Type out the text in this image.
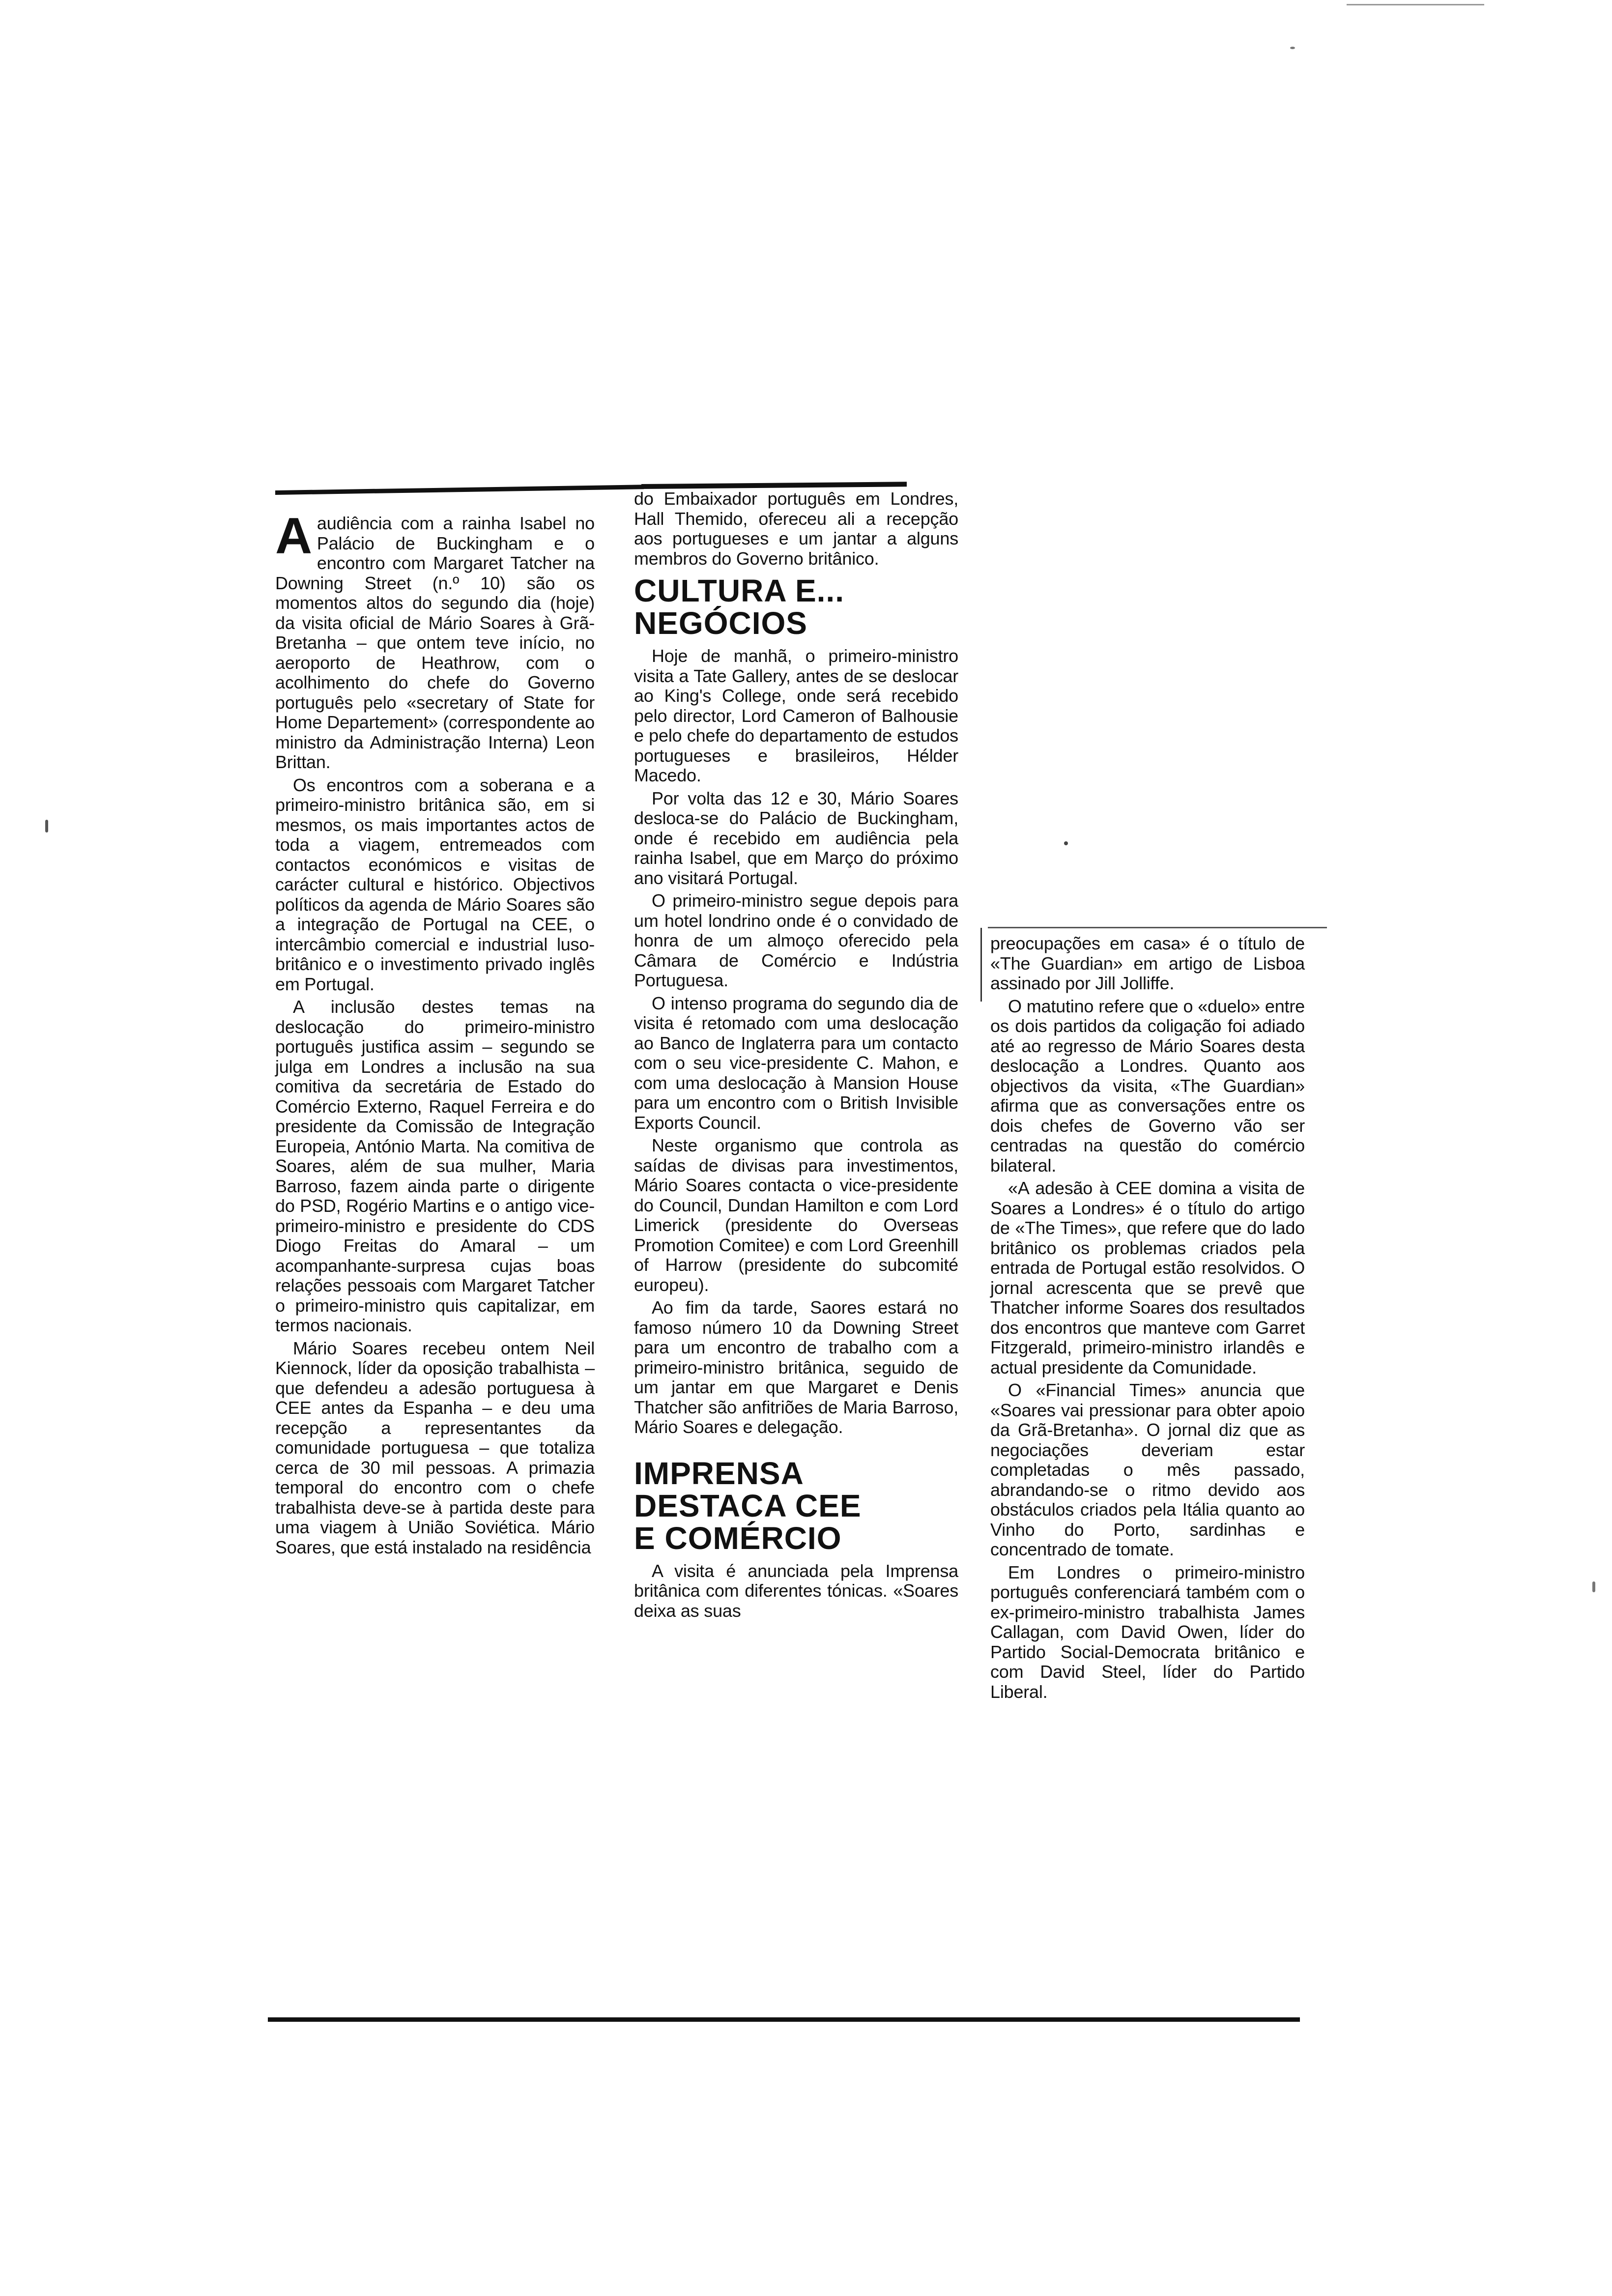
Aaudiência com a rainha Isabel no Palácio de Buckingham e o encontro com Margaret Tatcher na Downing Street (n.º 10) são os momentos altos do segundo dia (hoje) da visita oficial de Mário Soares à Grã-Bretanha – que ontem teve início, no aeroporto de Heathrow, com o acolhimento do chefe do Governo português pelo «secretary of State for Home Departement» (correspondente ao ministro da Administração Interna) Leon Brittan.

Os encontros com a soberana e a primeiro-ministro britânica são, em si mesmos, os mais importantes actos de toda a viagem, entremeados com contactos económicos e visitas de carácter cultural e histórico. Objectivos políticos da agenda de Mário Soares são a integração de Portugal na CEE, o intercâmbio comercial e industrial luso-britânico e o investimento privado inglês em Portugal.

A inclusão destes temas na deslocação do primeiro-ministro português justifica assim – segundo se julga em Londres a inclusão na sua comitiva da secretária de Estado do Comércio Externo, Raquel Ferreira e do presidente da Comissão de Integração Europeia, António Marta. Na comitiva de Soares, além de sua mulher, Maria Barroso, fazem ainda parte o dirigente do PSD, Rogério Martins e o antigo vice-primeiro-ministro e presidente do CDS Diogo Freitas do Amaral – um acompanhante-surpresa cujas boas relações pessoais com Margaret Tatcher o primeiro-ministro quis capitalizar, em termos nacionais.

Mário Soares recebeu ontem Neil Kiennock, líder da oposição trabalhista – que defendeu a adesão portuguesa à CEE antes da Espanha – e deu uma recepção a representantes da comunidade portuguesa – que totaliza cerca de 30 mil pessoas. A primazia temporal do encontro com o chefe trabalhista deve-se à partida deste para uma viagem à União Soviética. Mário Soares, que está instalado na residência

do Embaixador português em Londres, Hall Themido, ofereceu ali a recepção aos portugueses e um jantar a alguns membros do Governo britânico.

CULTURA E...
NEGÓCIOS

Hoje de manhã, o primeiro-ministro visita a Tate Gallery, antes de se deslocar ao King's College, onde será recebido pelo director, Lord Cameron of Balhousie e pelo chefe do departamento de estudos portugueses e brasileiros, Hélder Macedo.

Por volta das 12 e 30, Mário Soares desloca-se do Palácio de Buckingham, onde é recebido em audiência pela rainha Isabel, que em Março do próximo ano visitará Portugal.

O primeiro-ministro segue depois para um hotel londrino onde é o convidado de honra de um almoço oferecido pela Câmara de Comércio e Indústria Portuguesa.

O intenso programa do segundo dia de visita é retomado com uma deslocação ao Banco de Inglaterra para um contacto com o seu vice-presidente C. Mahon, e com uma deslocação à Mansion House para um encontro com o British Invisible Exports Council.

Neste organismo que controla as saídas de divisas para investimentos, Mário Soares contacta o vice-presidente do Council, Dundan Hamilton e com Lord Limerick (presidente do Overseas Promotion Comitee) e com Lord Greenhill of Harrow (presidente do subcomité europeu).

Ao fim da tarde, Saores estará no famoso número 10 da Downing Street para um encontro de trabalho com a primeiro-ministro britânica, seguido de um jantar em que Margaret e Denis Thatcher são anfitriões de Maria Barroso, Mário Soares e delegação.

IMPRENSA
DESTACA CEE
E COMÉRCIO

A visita é anunciada pela Imprensa britânica com diferentes tónicas. «Soares deixa as suas

preocupações em casa» é o título de «The Guardian» em artigo de Lisboa assinado por Jill Jolliffe.

O matutino refere que o «duelo» entre os dois partidos da coligação foi adiado até ao regresso de Mário Soares desta deslocação a Londres. Quanto aos objectivos da visita, «The Guardian» afirma que as conversações entre os dois chefes de Governo vão ser centradas na questão do comércio bilateral.

«A adesão à CEE domina a visita de Soares a Londres» é o título do artigo de «The Times», que refere que do lado britânico os problemas criados pela entrada de Portugal estão resolvidos. O jornal acrescenta que se prevê que Thatcher informe Soares dos resultados dos encontros que manteve com Garret Fitzgerald, primeiro-ministro irlandês e actual presidente da Comunidade.

O «Financial Times» anuncia que «Soares vai pressionar para obter apoio da Grã-Bretanha». O jornal diz que as negociações deveriam estar completadas o mês passado, abrandando-se o ritmo devido aos obstáculos criados pela Itália quanto ao Vinho do Porto, sardinhas e concentrado de tomate.

Em Londres o primeiro-ministro português conferenciará também com o ex-primeiro-ministro trabalhista James Callagan, com David Owen, líder do Partido Social-Democrata britânico e com David Steel, líder do Partido Liberal.
